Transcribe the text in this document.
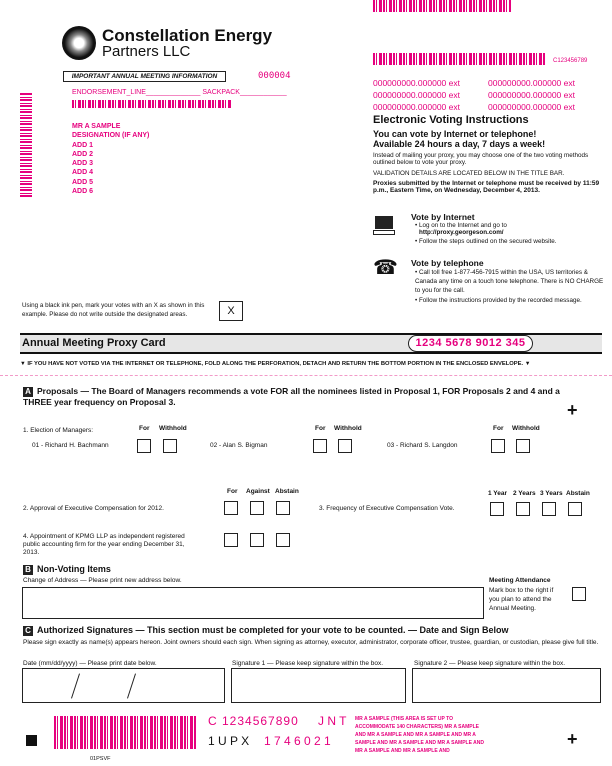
Constellation Energy
Partners LLC
IMPORTANT ANNUAL MEETING INFORMATION	000004
ENDORSEMENT_LINE______________ SACKPACK____________
MR A SAMPLE
DESIGNATION (IF ANY)
ADD 1
ADD 2
ADD 3
ADD 4
ADD 5
ADD 6
C123456789
000000000.000000 ext	000000000.000000 ext
000000000.000000 ext	000000000.000000 ext
000000000.000000 ext	000000000.000000 ext
Electronic Voting Instructions
You can vote by Internet or telephone!
Available 24 hours a day, 7 days a week!
Instead of mailing your proxy, you may choose one of the two voting methods outlined below to vote your proxy.
VALIDATION DETAILS ARE LOCATED BELOW IN THE TITLE BAR.
Proxies submitted by the Internet or telephone must be received by 11:59 p.m., Eastern Time, on Wednesday, December 4, 2013.
Vote by Internet
• Log on to the Internet and go to
http://proxy.georgeson.com/
• Follow the steps outlined on the secured website.
☎ Vote by telephone
• Call toll free 1-877-456-7915 within the USA, US territories & Canada any time on a touch tone telephone. There is NO CHARGE to you for the call.
• Follow the instructions provided by the recorded message.
Using a black ink pen, mark your votes with an X as shown in this example. Please do not write outside the designated areas.	X
Annual Meeting Proxy Card	1234 5678 9012 345
▼ IF YOU HAVE NOT VOTED VIA THE INTERNET OR TELEPHONE, FOLD ALONG THE PERFORATION, DETACH AND RETURN THE BOTTOM PORTION IN THE ENCLOSED ENVELOPE. ▼
A Proposals — The Board of Managers recommends a vote FOR all the nominees listed in Proposal 1, FOR Proposals 2 and 4 and a THREE year frequency on Proposal 3.	+
1. Election of Managers:	For Withhold	For Withhold	For Withhold
01 - Richard H. Bachmann	02 - Alan S. Bigman	03 - Richard S. Langdon
For Against Abstain
2. Approval of Executive Compensation for 2012.	3. Frequency of Executive Compensation Vote.
1 Year 2 Years 3 Years Abstain
4. Appointment of KPMG LLP as independent registered public accounting firm for the year ending December 31, 2013.
B Non-Voting Items
Change of Address — Please print new address below.	Meeting Attendance
Mark box to the right if you plan to attend the Annual Meeting.
C Authorized Signatures — This section must be completed for your vote to be counted. — Date and Sign Below
Please sign exactly as name(s) appears hereon. Joint owners should each sign. When signing as attorney, executor, administrator, corporate officer, trustee, guardian, or custodian, please give full title.
Date (mm/dd/yyyy) — Please print date below.	Signature 1 — Please keep signature within the box.	Signature 2 — Please keep signature within the box.
C 1234567890 J N T
1 U P X 1 7 4 6 0 2 1
MR A SAMPLE (THIS AREA IS SET UP TO ACCOMMODATE 140 CHARACTERS) MR A SAMPLE AND MR A SAMPLE AND MR A SAMPLE AND MR A SAMPLE AND MR A SAMPLE AND MR A SAMPLE AND MR A SAMPLE AND MR A SAMPLE AND
+
01PSVF
